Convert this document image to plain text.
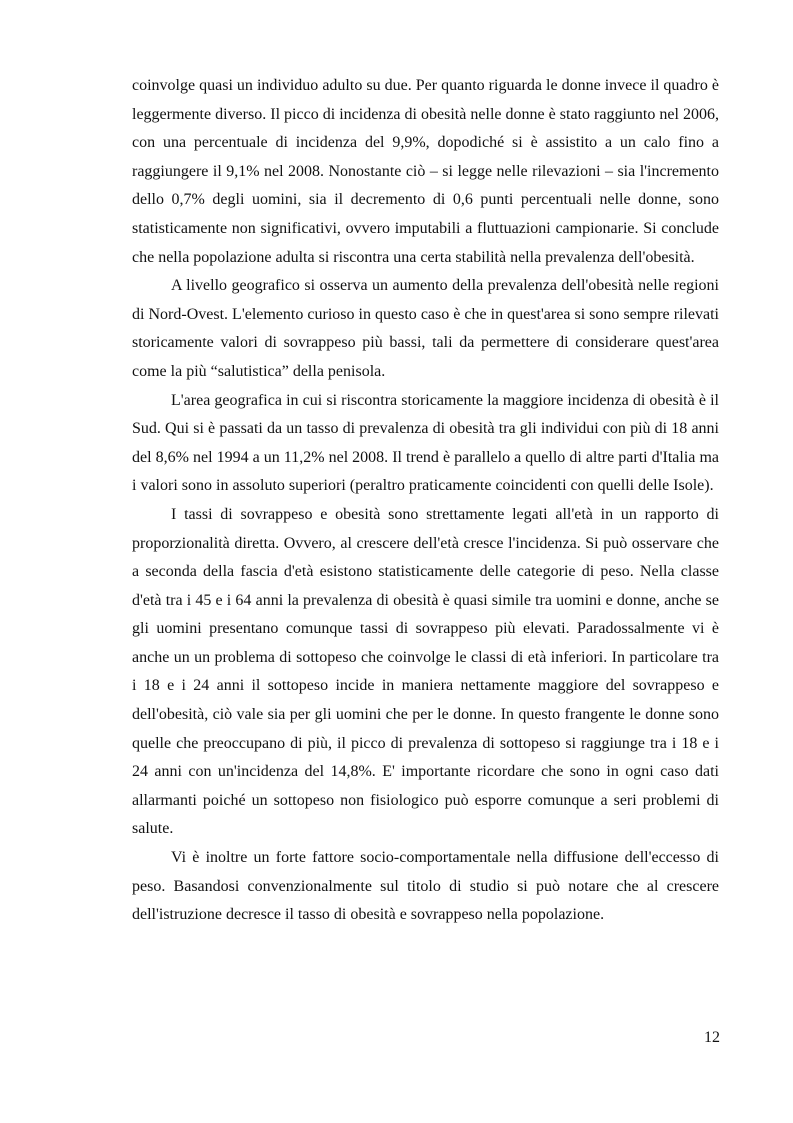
coinvolge quasi un individuo adulto su due. Per quanto riguarda le donne invece il quadro è leggermente diverso. Il picco di incidenza di obesità nelle donne è stato raggiunto nel 2006, con una percentuale di incidenza del 9,9%, dopodiché si è assistito a un calo fino a raggiungere il 9,1% nel 2008. Nonostante ciò – si legge nelle rilevazioni – sia l'incremento dello 0,7% degli uomini, sia il decremento di 0,6 punti percentuali nelle donne, sono statisticamente non significativi, ovvero imputabili a fluttuazioni campionarie. Si conclude che nella popolazione adulta si riscontra una certa stabilità nella prevalenza dell'obesità.

A livello geografico si osserva un aumento della prevalenza dell'obesità nelle regioni di Nord-Ovest. L'elemento curioso in questo caso è che in quest'area si sono sempre rilevati storicamente valori di sovrappeso più bassi, tali da permettere di considerare quest'area come la più “salutistica” della penisola.

L'area geografica in cui si riscontra storicamente la maggiore incidenza di obesità è il Sud. Qui si è passati da un tasso di prevalenza di obesità tra gli individui con più di 18 anni del 8,6% nel 1994 a un 11,2% nel 2008. Il trend è parallelo a quello di altre parti d'Italia ma i valori sono in assoluto superiori (peraltro praticamente coincidenti con quelli delle Isole).

I tassi di sovrappeso e obesità sono strettamente legati all'età in un rapporto di proporzionalità diretta. Ovvero, al crescere dell'età cresce l'incidenza. Si può osservare che a seconda della fascia d'età esistono statisticamente delle categorie di peso. Nella classe d'età tra i 45 e i 64 anni la prevalenza di obesità è quasi simile tra uomini e donne, anche se gli uomini presentano comunque tassi di sovrappeso più elevati. Paradossalmente vi è anche un un problema di sottopeso che coinvolge le classi di età inferiori. In particolare tra i 18 e i 24 anni il sottopeso incide in maniera nettamente maggiore del sovrappeso e dell'obesità, ciò vale sia per gli uomini che per le donne. In questo frangente le donne sono quelle che preoccupano di più, il picco di prevalenza di sottopeso si raggiunge tra i 18 e i 24 anni con un'incidenza del 14,8%. E' importante ricordare che sono in ogni caso dati allarmanti poiché un sottopeso non fisiologico può esporre comunque a seri problemi di salute.

Vi è inoltre un forte fattore socio-comportamentale nella diffusione dell'eccesso di peso. Basandosi convenzionalmente sul titolo di studio si può notare che al crescere dell'istruzione decresce il tasso di obesità e sovrappeso nella popolazione.

12
